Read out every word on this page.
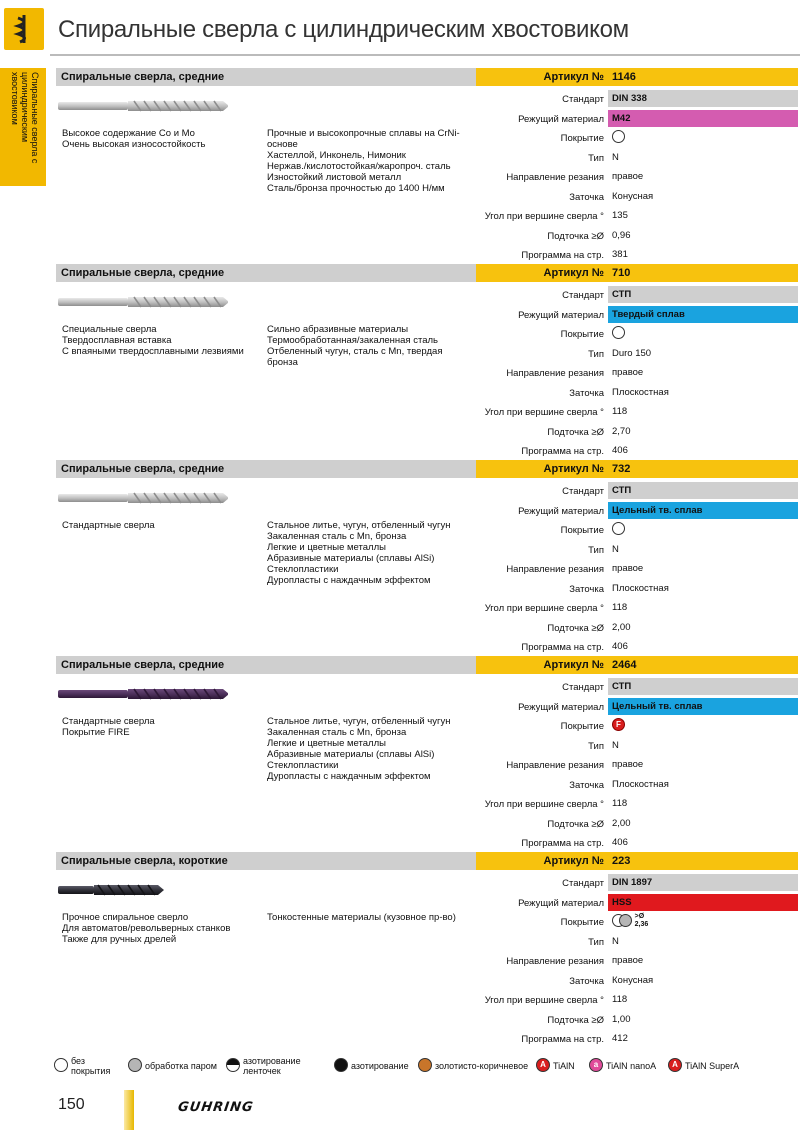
Спиральные сверла с цилиндрическим хвостовиком
Спиральные сверла с цилиндрическим хвостовиком	Спиральные сверла, средние	Артикул № 1146
Высокое содержание Co и Mo
Очень высокая износостойкость
Прочные и высокопрочные сплавы на CrNi-
основе
Хастеллой, Инконель, Нимоник
Нержав./кислотостойкая/жаропроч. сталь
Изностойкий листовой металл
Сталь/бронза прочностью до 1400 Н/мм
Стандарт DIN 338
Режущий материал M42
Покрытие
Тип N
Направление резания правое
Заточка Конусная
Угол при вершине сверла ° 135
Подточка ≥Ø 0,96
Программа на стр. 381
Спиральные сверла, средние	Артикул № 710
Специальные сверла
Твердосплавная вставка
С впаяными твердосплавными лезвиями
Сильно абразивные материалы
Термообработанная/закаленная сталь
Отбеленный чугун, сталь с Mn, твердая
бронза
Стандарт СТП
Режущий материал Твердый сплав
Покрытие
Тип Duro 150
Направление резания правое
Заточка Плоскостная
Угол при вершине сверла ° 118
Подточка ≥Ø 2,70
Программа на стр. 406
Спиральные сверла, средние	Артикул № 732
Стандартные сверла	Стальное литье, чугун, отбеленный чугун
Закаленная сталь с Mn, бронза
Легкие и цветные металлы
Абразивные материалы (сплавы AlSi)
Стеклопластики
Дуропласты с наждачным эффектом
Стандарт СТП
Режущий материал Цельный тв. сплав
Покрытие
Тип N
Направление резания правое
Заточка Плоскостная
Угол при вершине сверла ° 118
Подточка ≥Ø 2,00
Программа на стр. 406
Спиральные сверла, средние	Артикул № 2464
Стандартные сверла
Покрытие FIRE
Стальное литье, чугун, отбеленный чугун
Закаленная сталь с Mn, бронза
Легкие и цветные металлы
Абразивные материалы (сплавы AlSi)
Стеклопластики
Дуропласты с наждачным эффектом
Стандарт СТП
Режущий материал Цельный тв. сплав
Покрытие	F
Тип N
Направление резания правое
Заточка Плоскостная
Угол при вершине сверла ° 118
Подточка ≥Ø 2,00
Программа на стр. 406
Спиральные сверла, короткие	Артикул № 223
Прочное спиральное сверло
Для автоматов/револьверных станков
Также для ручных дрелей
Тонкостенные материалы (кузовное пр-во)
Стандарт DIN 1897
Режущий материал HSS
Покрытие
>Ø 2,36
Тип N
Направление резания правое
Заточка Конусная
Угол при вершине сверла ° 118
Подточка ≥Ø 1,00
Программа на стр. 412
без покрытия	обработка паром	азотирование ленточек	азотирование	золотисто-коричневое	A TiAlN	a TiAlN nanoA	A TiAlN SuperA
150	GUHRING
